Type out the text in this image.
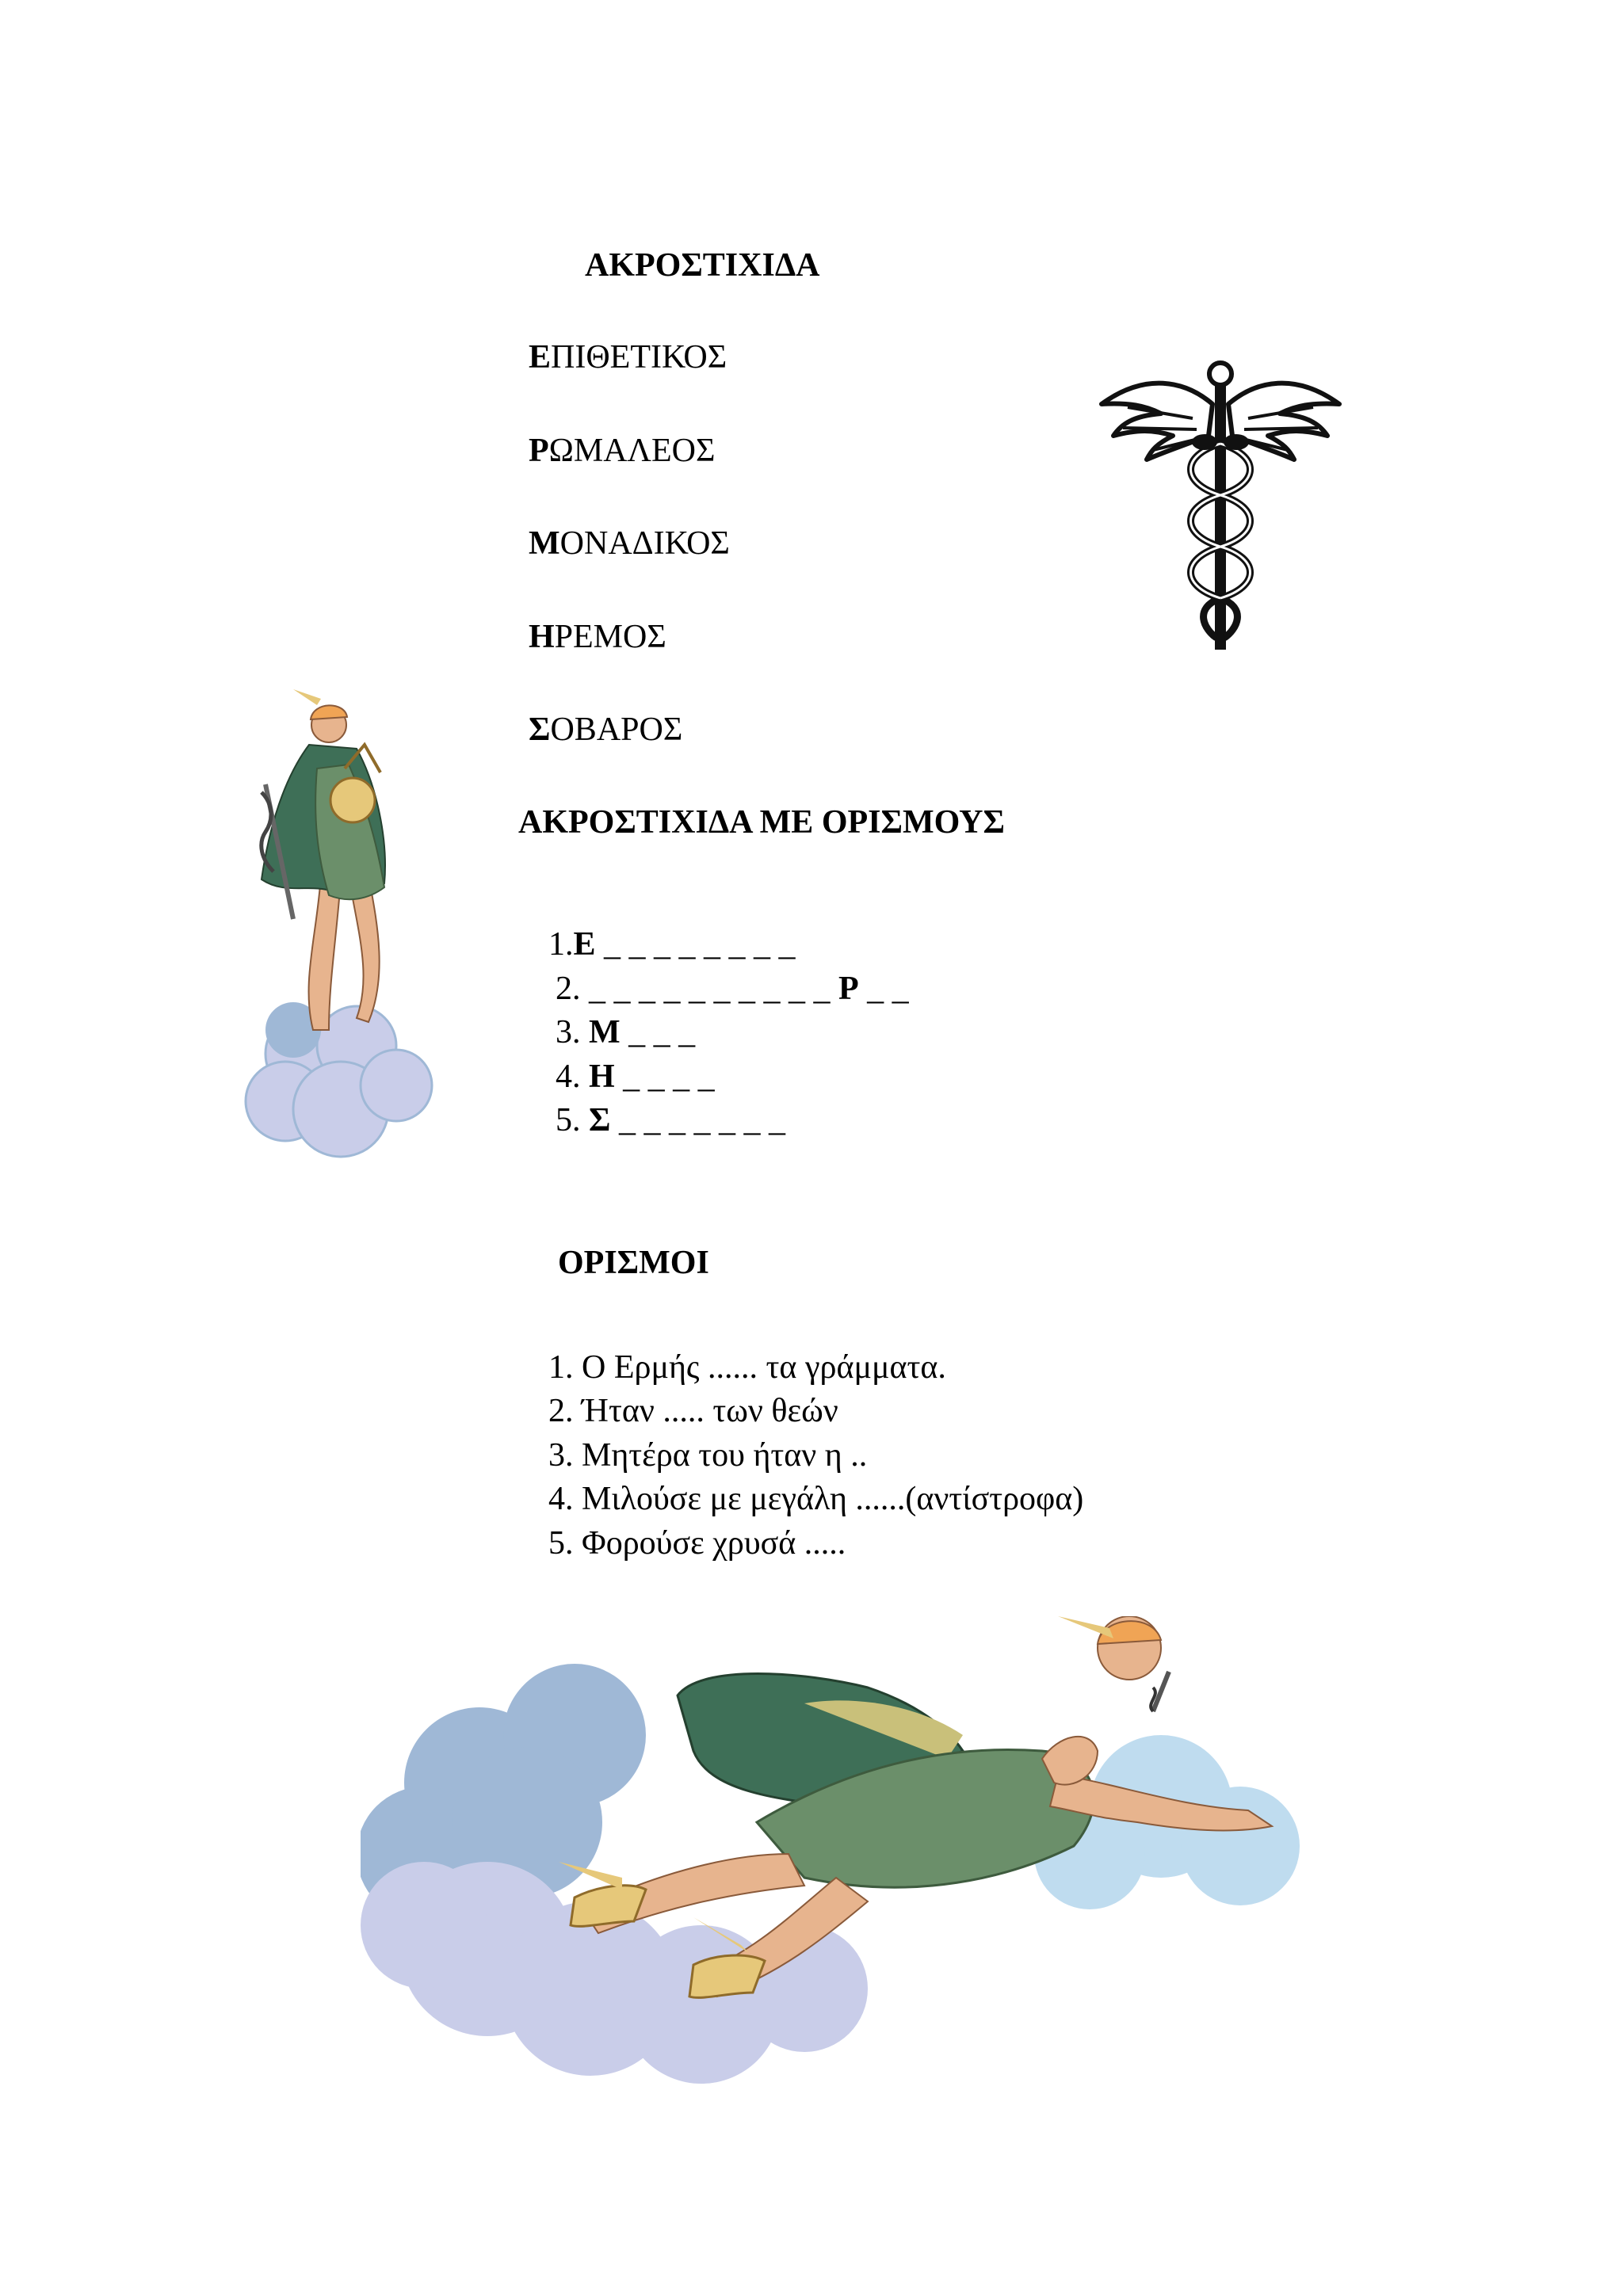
ΑΚΡΟΣΤΙΧΙΔΑ
ΕΠΙΘΕΤΙΚΟΣ
ΡΩΜΑΛΕΟΣ
ΜΟΝΑΔΙΚΟΣ
ΗΡΕΜΟΣ
ΣΟΒΑΡΟΣ
ΑΚΡΟΣΤΙΧΙΔΑ ΜΕ ΟΡΙΣΜΟΥΣ
1.Ε _ _ _ _ _ _ _ _
2. _ _ _ _ _ _ _ _ _ _ Ρ _ _
3. Μ _ _ _
4. Η _ _ _ _
5. Σ _ _ _ _ _ _ _
ΟΡΙΣΜΟΙ
1. Ο Ερμής ...... τα γράμματα.
2. Ήταν ..... των θεών
3. Μητέρα του ήταν η ..
4. Μιλούσε με μεγάλη ......(αντίστροφα)
5. Φορούσε χρυσά .....
